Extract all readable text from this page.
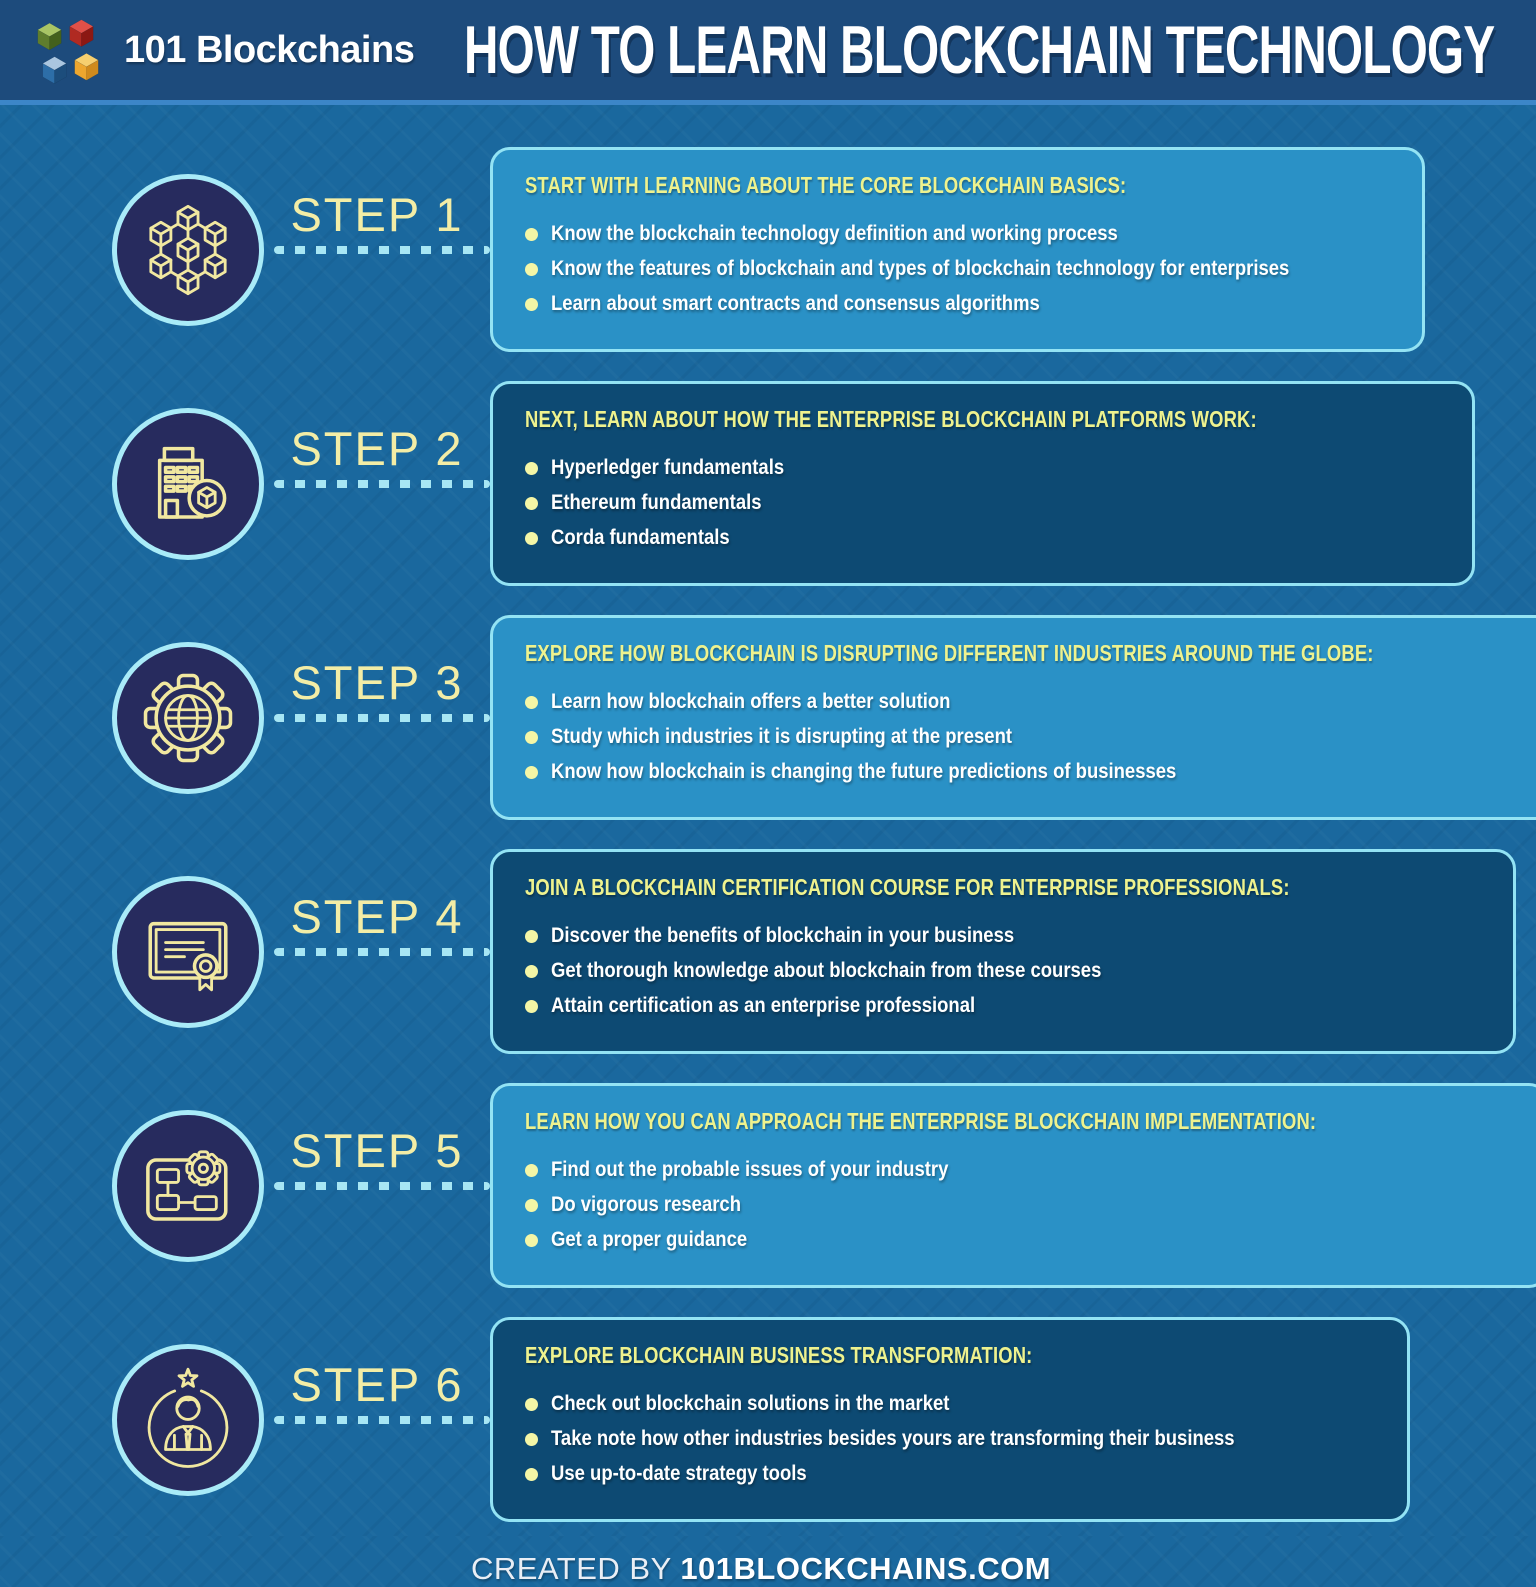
101 Blockchains HOW TO LEARN BLOCKCHAIN TECHNOLOGY
STEP 1
START WITH LEARNING ABOUT THE CORE BLOCKCHAIN BASICS:
Know the blockchain technology definition and working process
Know the features of blockchain and types of blockchain technology for enterprises
Learn about smart contracts and consensus algorithms
STEP 2
NEXT, LEARN ABOUT HOW THE ENTERPRISE BLOCKCHAIN PLATFORMS WORK:
Hyperledger fundamentals
Ethereum fundamentals
Corda fundamentals
STEP 3
EXPLORE HOW BLOCKCHAIN IS DISRUPTING DIFFERENT INDUSTRIES AROUND THE GLOBE:
Learn how blockchain offers a better solution
Study which industries it is disrupting at the present
Know how blockchain is changing the future predictions of businesses
STEP 4
JOIN A BLOCKCHAIN CERTIFICATION COURSE FOR ENTERPRISE PROFESSIONALS:
Discover the benefits of blockchain in your business
Get thorough knowledge about blockchain from these courses
Attain certification as an enterprise professional
STEP 5
LEARN HOW YOU CAN APPROACH THE ENTERPRISE BLOCKCHAIN IMPLEMENTATION:
Find out the probable issues of your industry
Do vigorous research
Get a proper guidance
STEP 6
EXPLORE BLOCKCHAIN BUSINESS TRANSFORMATION:
Check out blockchain solutions in the market
Take note how other industries besides yours are transforming their business
Use up-to-date strategy tools
CREATED BY 101BLOCKCHAINS.COM
